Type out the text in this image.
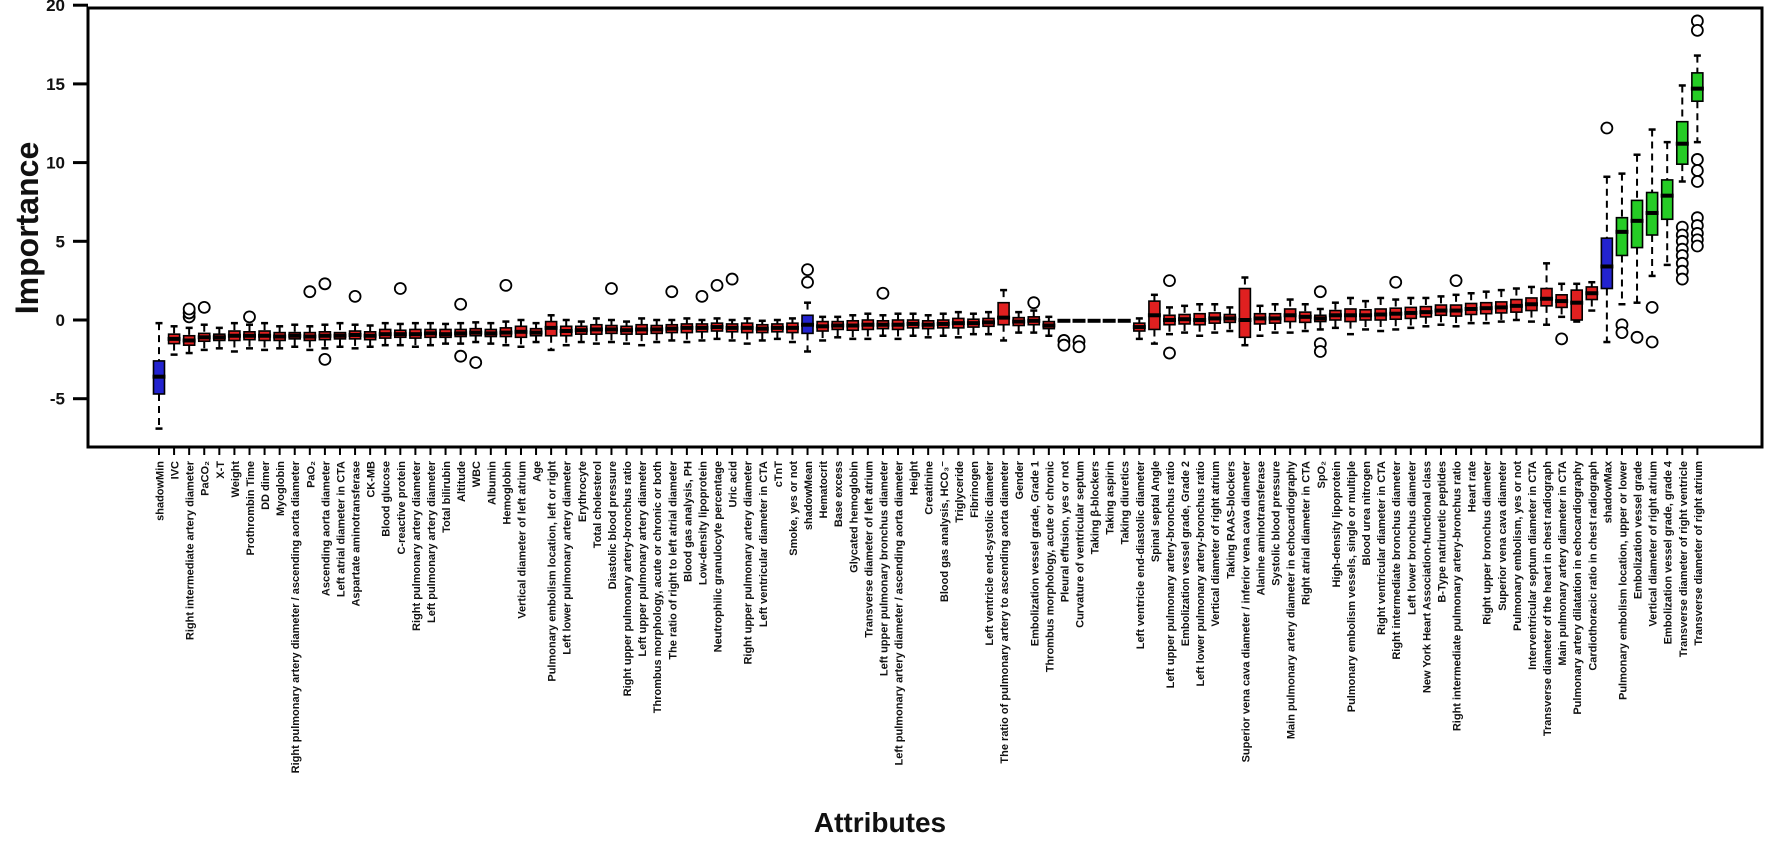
20
15
10
5
0
-5
shadowMin IVC Right intermediate artery diameter PaCO₂ X-T Weight Prothrombin Time DD dimer Myoglobin Right pulmonary artery diameter / ascending aorta diameter PaO₂ Ascending aorta diameter Left atrial diameter in CTA Aspartate aminotransferase CK-MB Blood glucose C-reactive protein Right pulmonary artery diameter Left pulmonary artery diameter Total bilirubin Altitude WBC Albumin Hemoglobin Vertical diameter of left atrium Age Pulmonary embolism location, left or right Left lower pulmonary artery diameter Erythrocyte Total cholesterol Diastolic blood pressure Right upper pulmonary artery-bronchus ratio Left upper pulmonary artery diameter Thrombus morphology, acute or chronic or both The ratio of right to left atrial diameter Blood gas analysis, PH Low-density lipoprotein Neutrophilic granulocyte percentage Uric acid Right upper pulmonary artery diameter Left ventricular diameter in CTA cTnT Smoke, yes or not shadowMean Hematocrit Base excess Glycated hemoglobin Transverse diameter of left atrium Left upper pulmonary bronchus diameter Left pulmonary artery diameter / ascending aorta diameter Height Creatinine Blood gas analysis, HCO₃⁻ Triglyceride Fibrinogen Left ventricle end-systolic diameter The ratio of pulmonary artery to ascending aorta diameter Gender Embolization vessel grade, Grade 1 Thrombus morphology, acute or chronic Pleural effusion, yes or not Curvature of ventricular septum Taking β-blockers Taking aspirin Taking diuretics Left ventricle end-diastolic diameter Spinal septal Angle Left upper pulmonary artery-bronchus ratio Embolization vessel grade, Grade 2 Left lower pulmonary artery-bronchus ratio Vertical diameter of right atrium Taking RAAS-blockers Superior vena cava diameter / inferior vena cava diameter Alanine aminotransferase Systolic blood pressure Main pulmonary artery diameter in echocardiography Right atrial diameter in CTA SpO₂ High-density lipoprotein Pulmonary embolism vessels, single or multiple Blood urea nitrogen Right ventricular diameter in CTA Right intermediate bronchus diameter Left lower bronchus diameter New York Heart Association-functional class B-Type natriuretic peptides Right intermediate pulmonary artery-bronchus ratio Heart rate Right upper bronchus diameter Superior vena cava diameter Pulmonary embolism, yes or not Interventricular septum diameter in CTA Transverse diameter of the heart in chest radiograph Main pulmonary artery diameter in CTA Pulmonary artery dilatation in echocardiography Cardiothoracic ratio in chest radiograph shadowMax Pulmonary embolism location, upper or lower Embolization vessel grade Vertical diameter of right atrium Embolization vessel grade, grade 4 Transverse diameter of right ventricle Transverse diameter of right atrium
Importance
Attributes
